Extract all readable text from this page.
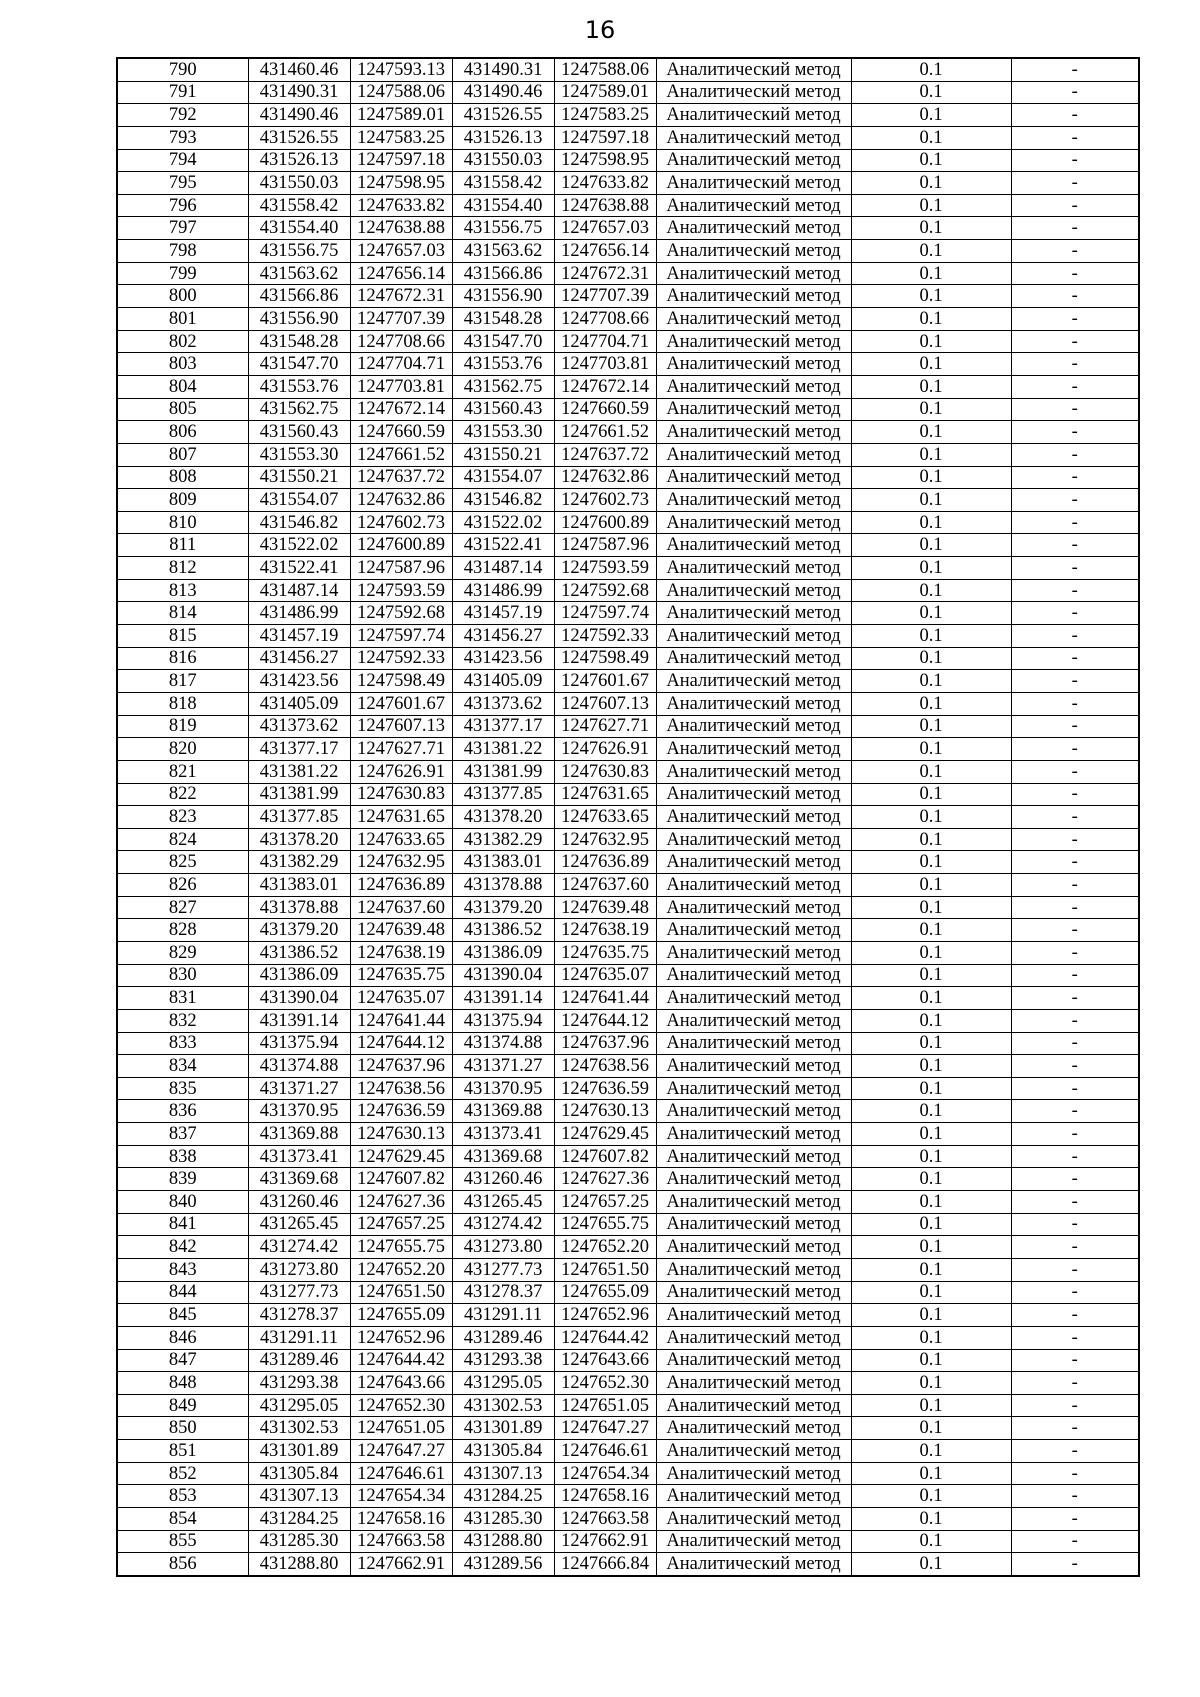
16
790	431460.46	1247593.13	431490.31	1247588.06	Аналитический метод	0.1	-
791	431490.31	1247588.06	431490.46	1247589.01	Аналитический метод	0.1	-
792	431490.46	1247589.01	431526.55	1247583.25	Аналитический метод	0.1	-
793	431526.55	1247583.25	431526.13	1247597.18	Аналитический метод	0.1	-
794	431526.13	1247597.18	431550.03	1247598.95	Аналитический метод	0.1	-
795	431550.03	1247598.95	431558.42	1247633.82	Аналитический метод	0.1	-
796	431558.42	1247633.82	431554.40	1247638.88	Аналитический метод	0.1	-
797	431554.40	1247638.88	431556.75	1247657.03	Аналитический метод	0.1	-
798	431556.75	1247657.03	431563.62	1247656.14	Аналитический метод	0.1	-
799	431563.62	1247656.14	431566.86	1247672.31	Аналитический метод	0.1	-
800	431566.86	1247672.31	431556.90	1247707.39	Аналитический метод	0.1	-
801	431556.90	1247707.39	431548.28	1247708.66	Аналитический метод	0.1	-
802	431548.28	1247708.66	431547.70	1247704.71	Аналитический метод	0.1	-
803	431547.70	1247704.71	431553.76	1247703.81	Аналитический метод	0.1	-
804	431553.76	1247703.81	431562.75	1247672.14	Аналитический метод	0.1	-
805	431562.75	1247672.14	431560.43	1247660.59	Аналитический метод	0.1	-
806	431560.43	1247660.59	431553.30	1247661.52	Аналитический метод	0.1	-
807	431553.30	1247661.52	431550.21	1247637.72	Аналитический метод	0.1	-
808	431550.21	1247637.72	431554.07	1247632.86	Аналитический метод	0.1	-
809	431554.07	1247632.86	431546.82	1247602.73	Аналитический метод	0.1	-
810	431546.82	1247602.73	431522.02	1247600.89	Аналитический метод	0.1	-
811	431522.02	1247600.89	431522.41	1247587.96	Аналитический метод	0.1	-
812	431522.41	1247587.96	431487.14	1247593.59	Аналитический метод	0.1	-
813	431487.14	1247593.59	431486.99	1247592.68	Аналитический метод	0.1	-
814	431486.99	1247592.68	431457.19	1247597.74	Аналитический метод	0.1	-
815	431457.19	1247597.74	431456.27	1247592.33	Аналитический метод	0.1	-
816	431456.27	1247592.33	431423.56	1247598.49	Аналитический метод	0.1	-
817	431423.56	1247598.49	431405.09	1247601.67	Аналитический метод	0.1	-
818	431405.09	1247601.67	431373.62	1247607.13	Аналитический метод	0.1	-
819	431373.62	1247607.13	431377.17	1247627.71	Аналитический метод	0.1	-
820	431377.17	1247627.71	431381.22	1247626.91	Аналитический метод	0.1	-
821	431381.22	1247626.91	431381.99	1247630.83	Аналитический метод	0.1	-
822	431381.99	1247630.83	431377.85	1247631.65	Аналитический метод	0.1	-
823	431377.85	1247631.65	431378.20	1247633.65	Аналитический метод	0.1	-
824	431378.20	1247633.65	431382.29	1247632.95	Аналитический метод	0.1	-
825	431382.29	1247632.95	431383.01	1247636.89	Аналитический метод	0.1	-
826	431383.01	1247636.89	431378.88	1247637.60	Аналитический метод	0.1	-
827	431378.88	1247637.60	431379.20	1247639.48	Аналитический метод	0.1	-
828	431379.20	1247639.48	431386.52	1247638.19	Аналитический метод	0.1	-
829	431386.52	1247638.19	431386.09	1247635.75	Аналитический метод	0.1	-
830	431386.09	1247635.75	431390.04	1247635.07	Аналитический метод	0.1	-
831	431390.04	1247635.07	431391.14	1247641.44	Аналитический метод	0.1	-
832	431391.14	1247641.44	431375.94	1247644.12	Аналитический метод	0.1	-
833	431375.94	1247644.12	431374.88	1247637.96	Аналитический метод	0.1	-
834	431374.88	1247637.96	431371.27	1247638.56	Аналитический метод	0.1	-
835	431371.27	1247638.56	431370.95	1247636.59	Аналитический метод	0.1	-
836	431370.95	1247636.59	431369.88	1247630.13	Аналитический метод	0.1	-
837	431369.88	1247630.13	431373.41	1247629.45	Аналитический метод	0.1	-
838	431373.41	1247629.45	431369.68	1247607.82	Аналитический метод	0.1	-
839	431369.68	1247607.82	431260.46	1247627.36	Аналитический метод	0.1	-
840	431260.46	1247627.36	431265.45	1247657.25	Аналитический метод	0.1	-
841	431265.45	1247657.25	431274.42	1247655.75	Аналитический метод	0.1	-
842	431274.42	1247655.75	431273.80	1247652.20	Аналитический метод	0.1	-
843	431273.80	1247652.20	431277.73	1247651.50	Аналитический метод	0.1	-
844	431277.73	1247651.50	431278.37	1247655.09	Аналитический метод	0.1	-
845	431278.37	1247655.09	431291.11	1247652.96	Аналитический метод	0.1	-
846	431291.11	1247652.96	431289.46	1247644.42	Аналитический метод	0.1	-
847	431289.46	1247644.42	431293.38	1247643.66	Аналитический метод	0.1	-
848	431293.38	1247643.66	431295.05	1247652.30	Аналитический метод	0.1	-
849	431295.05	1247652.30	431302.53	1247651.05	Аналитический метод	0.1	-
850	431302.53	1247651.05	431301.89	1247647.27	Аналитический метод	0.1	-
851	431301.89	1247647.27	431305.84	1247646.61	Аналитический метод	0.1	-
852	431305.84	1247646.61	431307.13	1247654.34	Аналитический метод	0.1	-
853	431307.13	1247654.34	431284.25	1247658.16	Аналитический метод	0.1	-
854	431284.25	1247658.16	431285.30	1247663.58	Аналитический метод	0.1	-
855	431285.30	1247663.58	431288.80	1247662.91	Аналитический метод	0.1	-
856	431288.80	1247662.91	431289.56	1247666.84	Аналитический метод	0.1	-
